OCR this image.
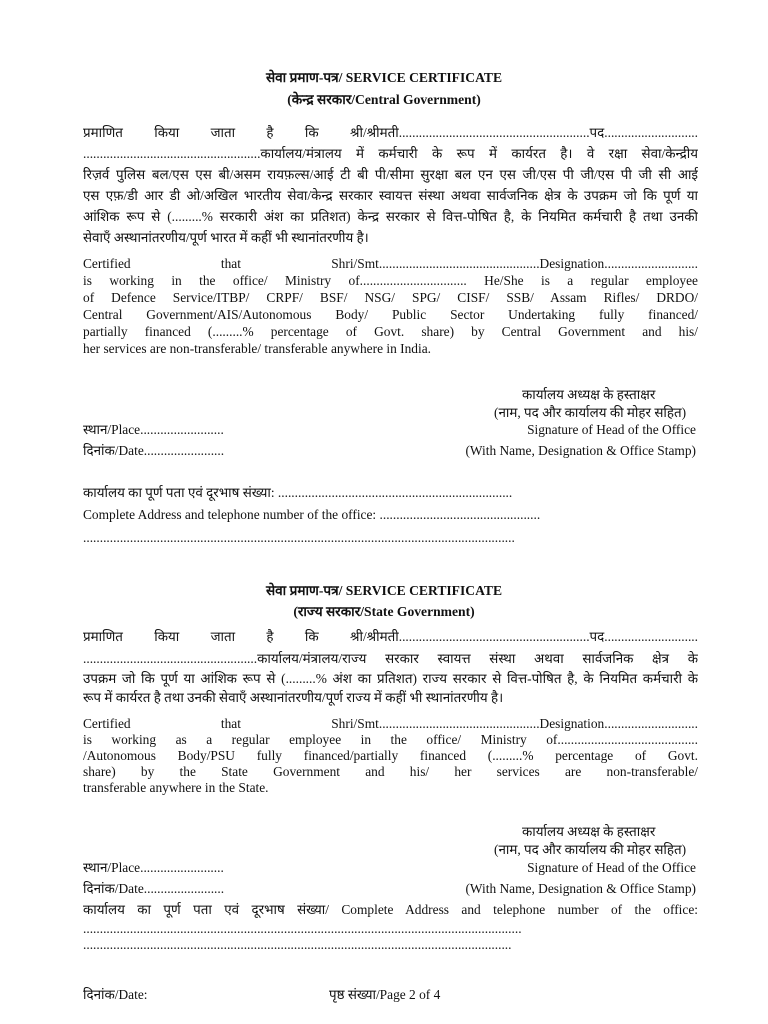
सेवा प्रमाण-पत्र/ SERVICE CERTIFICATE
(केन्द्र सरकार/Central Government)
प्रमाणित किया जाता है कि श्री/श्रीमती.........................................................पद............................
.....................................................कार्यालय/मंत्रालय में कर्मचारी के रूप में कार्यरत है। वे रक्षा सेवा/केन्द्रीय
रिज़र्व पुलिस बल/एस एस बी/असम रायफ़ल्स/आई टी बी पी/सीमा सुरक्षा बल एन एस जी/एस पी जी/एस पी जी सी आई
एस एफ़/डी आर डी ओ/अखिल भारतीय सेवा/केन्द्र सरकार स्वायत्त संस्था अथवा सार्वजनिक क्षेत्र के उपक्रम जो कि पूर्ण या
आंशिक रूप से (.........% सरकारी अंश का प्रतिशत) केन्द्र सरकार से वित्त-पोषित है, के नियमित कर्मचारी है तथा उनकी
सेवाएँ अस्थानांतरणीय/पूर्ण भारत में कहीं भी स्थानांतरणीय है।
Certified that Shri/Smt................................................Designation............................
is working in the office/ Ministry of................................ He/She is a regular employee
of Defence Service/ITBP/ CRPF/ BSF/ NSG/ SPG/ CISF/ SSB/ Assam Rifles/ DRDO/
Central Government/AIS/Autonomous Body/ Public Sector Undertaking fully financed/
partially financed (.........% percentage of Govt. share) by Central Government and his/
her services are non-transferable/ transferable anywhere in India.
कार्यालय अध्यक्ष के हस्ताक्षर
(नाम, पद और कार्यालय की मोहर सहित)
स्थान/Place.........................	Signature of Head of the Office
दिनांक/Date........................	(With Name, Designation & Office Stamp)
कार्यालय का पूर्ण पता एवं दूरभाष संख्या: ......................................................................
Complete Address and telephone number of the office: ................................................
.................................................................................................................................
सेवा प्रमाण-पत्र/ SERVICE CERTIFICATE
(राज्य सरकार/State Government)
प्रमाणित किया जाता है कि श्री/श्रीमती.........................................................पद............................
....................................................कार्यालय/मंत्रालय/राज्य सरकार स्वायत्त संस्था अथवा सार्वजनिक क्षेत्र के
उपक्रम जो कि पूर्ण या आंशिक रूप से (.........% अंश का प्रतिशत) राज्य सरकार से वित्त-पोषित है, के नियमित कर्मचारी के
रूप में कार्यरत है तथा उनकी सेवाएँ अस्थानांतरणीय/पूर्ण राज्य में कहीं भी स्थानांतरणीय है।
Certified that Shri/Smt................................................Designation............................
is working as a regular employee in the office/ Ministry of..........................................
/Autonomous Body/PSU fully financed/partially financed (.........% percentage of Govt.
share) by the State Government and his/ her services are non-transferable/
transferable anywhere in the State.
कार्यालय अध्यक्ष के हस्ताक्षर
(नाम, पद और कार्यालय की मोहर सहित)
स्थान/Place.........................	Signature of Head of the Office
दिनांक/Date........................	(With Name, Designation & Office Stamp)
कार्यालय का पूर्ण पता एवं दूरभाष संख्या/ Complete Address and telephone number of the office:
...................................................................................................................................
................................................................................................................................
दिनांक/Date:	पृष्ठ संख्या/Page 2 of 4
